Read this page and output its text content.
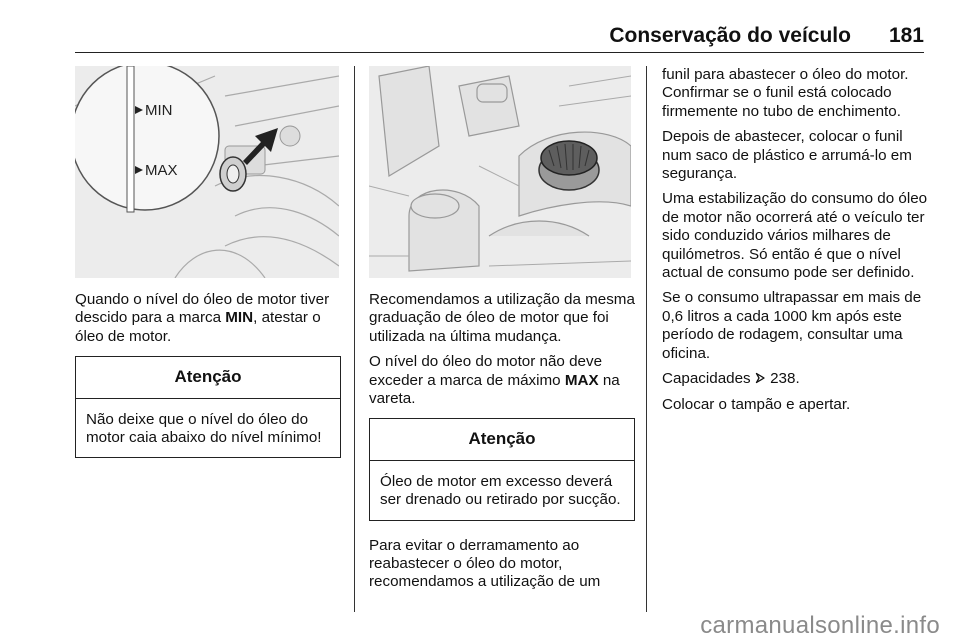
Conservação do veículo 181
MIN
MAX

Quando o nível do óleo de motor tiver descido para a marca MIN, atestar o óleo de motor.

Atenção
Não deixe que o nível do óleo do motor caia abaixo do nível mínimo!

Recomendamos a utilização da mesma graduação de óleo de motor que foi utilizada na última mudança.

O nível do óleo do motor não deve exceder a marca de máximo MAX na vareta.

Atenção
Óleo de motor em excesso deverá ser drenado ou retirado por sucção.

Para evitar o derramamento ao reabastecer o óleo do motor, recomendamos a utilização de um

funil para abastecer o óleo do motor. Confirmar se o funil está colocado firmemente no tubo de enchimento.

Depois de abastecer, colocar o funil num saco de plástico e arrumá-lo em segurança.

Uma estabilização do consumo do óleo de motor não ocorrerá até o veículo ter sido conduzido vários milhares de quilómetros. Só então é que o nível actual de consumo pode ser definido.

Se o consumo ultrapassar em mais de 0,6 litros a cada 1000 km após este período de rodagem, consultar uma oficina.

Capacidades  238.

Colocar o tampão e apertar.

carmanualsonline.info
